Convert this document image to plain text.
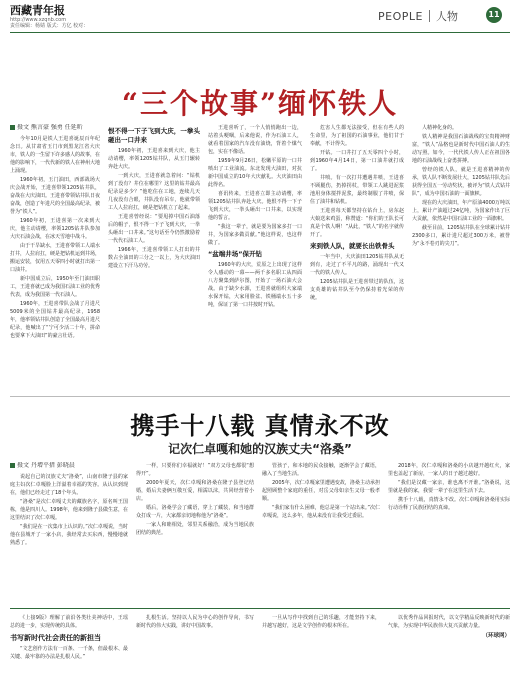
西藏青年报
http://www.xzqnb.com
责任编辑：杨婧 版式：方亿 校对：
PEOPLE 人物	11
“三个故事”缅怀铁人
摄文 熊言豪 强勇 任延昕

今年10月是铁人王进喜诞辰百年纪念日。从甘肃省玉门市到黑龙江省大庆市，铁人的一生留下许多感人的故事，在他的影响下，一代代新的铁人在神州大地上涌现。

1960年初，玉门油田，西部战场大庆会战开始，王进喜带领1205钻井队，奋战在大庆油田。王进喜带领钻井队日夜奋战，创造了年进尺的全国最高纪录，被誉为“铁人”。

1960年初，王进喜第一次来到大庆，他主动请缨，率领1205钻井队参加大庆石油会战，在冰天雪地中战斗。

由于干旱缺水，王进喜带领工人端水打井，人拉肩扛，硬是把钻机运到井场，搬运安装，仅用五天零四小时就打出第一口油井。

新中国成立后，1950年至门油田职工，王进喜就已成为我国石油工业的优秀代表，成为我国第一代石油人。

1960年，王进喜带队会战了月进尺5009米的全国钻井最高纪录，1958年，他率领钻井队创造了全国最高月进尺纪录，他喊出了“宁可少活二十年，拼命也要拿下大油田”的豪言壮语。

恨不得一下子飞到大庆，一拳头砸出一口井来

1960年初，王进喜来到大庆，他主动请缨，率领1205钻井队，从玉门辗转奔赴大庆。

一到大庆，王进喜就急着问：“钻机到了没有？井位在哪里？这里的钻井最高纪录是多少？”他吃住在工地，连续几天几夜没有合眼，井队没有吊车，他就带领工人人拉肩扛，硬是把钻机立了起来。

王进喜曾经说：“要甩掉中国石油落后的帽子，恨不得一下子飞到大庆，一拳头砸出一口井来。”这句话至今仍然激励着一代代石油工人。

1966年，王进喜带领工人打出的井数占全油田的三分之一以上，为大庆油田建设立下汗马功劳。

王进喜听了，一个人悄悄跑出一边，站着头哽咽，后来他说，作为石油工人，就看着国家的汽车没有油烧，背着个煤气包，实在不像话。

1959年9月26日，松嫩平原的一口井喷出了工业油流。东北发现大油田，对抗新中国成立的10年大庆献礼。大庆油田由此得名。

喜讯传来，王进喜立即主动请缨，率领1205钻井队奔赴大庆。他恨不得一下子飞到大庆，一拳头砸出一口井来，以实现他的誓言。

“我这一辈子，就是要为国家多打一口井，为国家多做贡献。”他这样说，也这样做了。

“盆端井场”保开钻

1960年的大庆，荒原之上出现了这样令人感动的一幕——两千多名职工从四面八方聚集到萨尔图，开始了一场石油大会战。由于缺少水源，王进喜就组织大家端水保开钻，大家用脸盆、铁桶端水五十多吨，保证了第一口井按时开钻。

危害人生都无法接受，但在有些人的生命里，为了祖国的石油事业，他们甘于奉献，不计得失。

开钻。一口井打了五天零四个小时，到1960年4月14日，第一口油井就打成了。

井喷。有一次打井遭遇井喷，王进喜不顾腿伤，扔掉拐杖，带领工人跳进泥浆池用身体搅拌泥浆，最终制服了井喷，保住了油井和钻机。

王进喜每天都坚持在钻台上，房东赵大娘送来鸡蛋，称赞道：“你们的王队长可真是个铁人啊！”从此，“铁人”的名字就传开了。

来到铁人队，就要长出铁骨头

一年当中，大庆油田1205钻井队从无到有，走过了不平凡的路，涌现出一代又一代的铁人传人。

1205钻井队是王进喜带过的队伍，这支英雄的钻井队至今仍保持着光荣的传统。

人精神化身的。

铁人精神是我国石油战线的宝贵精神财富，“铁人”品格也是新时代中国石油人的生动写照。如今，一代代铁人传人正在祖国各地的石油战线上奋勇拼搏。

曾经的铁人队，就是王进喜精神的传承，铁人队不断发展壮大，1205钻井队先后获得全国五一劳动奖状，被评为“铁人式钻井队”，成为中国石油的一面旗帜。

现在的大庆油田，年产原油4000万吨以上，累计产油超过24亿吨，为国家作出了巨大贡献，依然是中国石油工业的一面旗帜。

截至目前，1205钻井队在全球累计钻井2300多口，累计进尺超过300万米，被誉为“永不卷刃的尖刀”。

携手十八载 真情永不改
记次仁卓嘎和她的汉族丈夫“洛桑”
摄文 丹增平措 彭晓晨

说起自己的汉族丈夫“洛桑”，山南市隆子县的家庭主妇次仁卓嘎脸上洋溢着幸福的笑容。从认识到现在，他们已经走过了18个年头。

“洛桑”是次仁卓嘎丈夫的藏族名字，原名叫王国栋，他是四川人。1998年，他来到隆子县做生意，在这里结识了次仁卓嘎。

“我们是在一次集市上认识的。”次仁卓嘎说，当时他在县城开了一家小店，我经常去买东西，慢慢地就熟悉了。

一样，只要你们幸福就好！”双方父母也都很“想得开”。

2000年夏天，次仁卓嘎和洛桑在隆子县登记结婚，婚后夫妻俩互敬互爱，相濡以沫，共同经营着小店。

婚后，洛桑学会了藏语，穿上了藏装，和当地群众打成一片，大家都亲切地称他为“洛桑”。

一家人和睦相处，邻里关系融洽，成为当地民族团结的典范。

管孩子，和本地的民众接触，逐渐学会了藏语，融入了当地生活。

2005年，次仁卓嘎家里遭遇变故，洛桑主动承担起照顾整个家庭的重任，对岳父母如亲生父母一般孝顺。

“我们家有什么困难，他总是第一个站出来。”次仁卓嘎说，这么多年，他从来没有让我受过委屈。

2018年，次仁卓嘎和洛桑的小店越开越红火，家里也盖起了新房，一家人的日子越过越好。

“我们是汉藏一家亲，谁也离不开谁。”洛桑说，这里就是我的家，我要一辈子在这里生活下去。

携手十八载，真情永不改。次仁卓嘎和洛桑用实际行动诠释了民族团结的真谛。

《上接9版》理解了前沿各类壮美神话中，王瑶总的进一步，实现传统的具体。

书写新时代社会责任的新担当

“文艺创作方法有一百条、一千条，但最根本、最关键、最牢靠的办法是扎根人民。”

扎根生活。坚持以人民为中心的创作导向，书写新时代的伟大实践，讲好中国故事。

一旦从写作中找到自己的乐趣，才能坚持下来，并越写越好，这是文学创作的根本所在。

以优秀作品回报时代，以文学精品反映新时代的新气象，为实现中华民族伟大复兴贡献力量。

（环球网）
